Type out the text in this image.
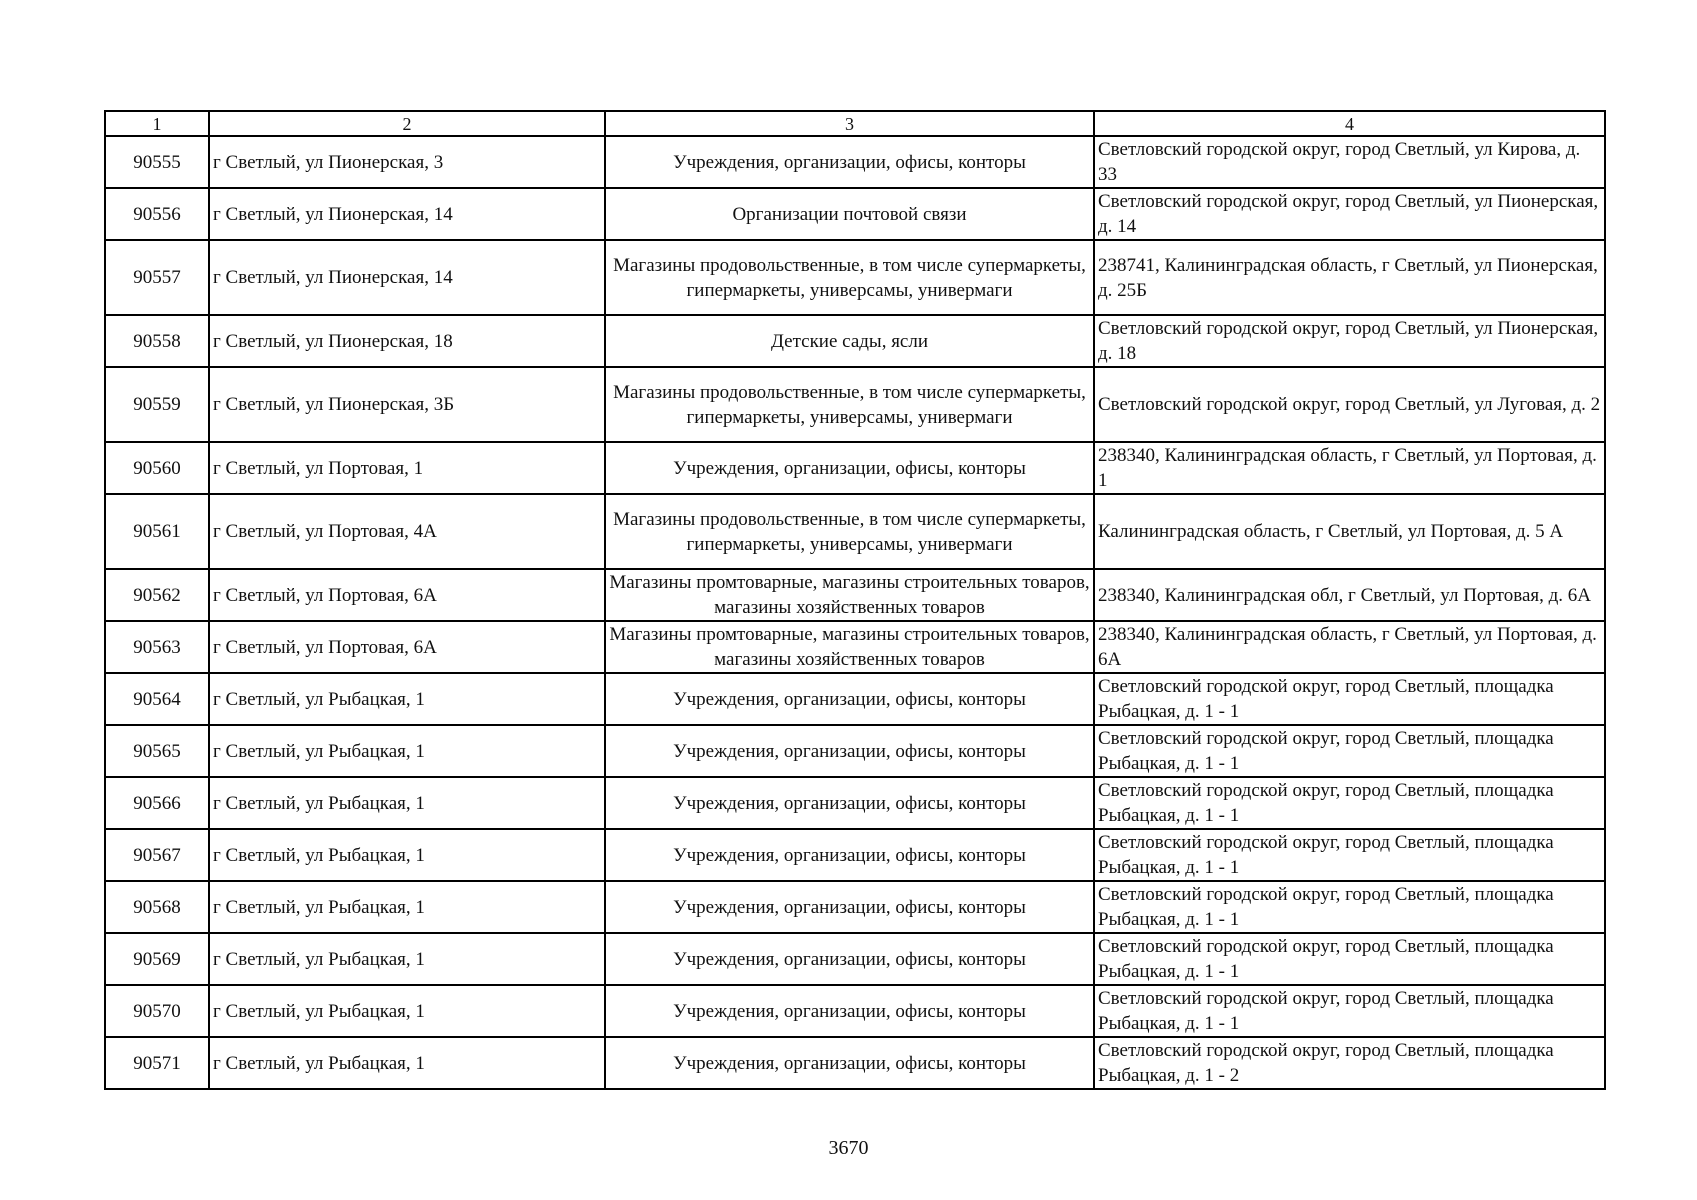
1	2	3	4
90555	г Светлый, ул Пионерская, 3	Учреждения, организации, офисы, конторы	Светловский городской округ, город Светлый, ул Кирова, д. 33
90556	г Светлый, ул Пионерская, 14	Организации почтовой связи	Светловский городской округ, город Светлый, ул Пионерская, д. 14
90557	г Светлый, ул Пионерская, 14	Магазины продовольственные, в том числе супермаркеты, гипермаркеты, универсамы, универмаги	238741, Калининградская область, г Светлый, ул Пионерская, д. 25Б
90558	г Светлый, ул Пионерская, 18	Детские сады, ясли	Светловский городской округ, город Светлый, ул Пионерская, д. 18
90559	г Светлый, ул Пионерская, 3Б	Магазины продовольственные, в том числе супермаркеты, гипермаркеты, универсамы, универмаги	Светловский городской округ, город Светлый, ул Луговая, д. 2
90560	г Светлый, ул Портовая, 1	Учреждения, организации, офисы, конторы	238340, Калининградская область, г Светлый, ул Портовая, д. 1
90561	г Светлый, ул Портовая, 4А	Магазины продовольственные, в том числе супермаркеты, гипермаркеты, универсамы, универмаги	Калининградская область, г Светлый, ул Портовая, д. 5 А
90562	г Светлый, ул Портовая, 6А	Магазины промтоварные, магазины строительных товаров, магазины хозяйственных товаров	238340, Калининградская обл, г Светлый, ул Портовая, д. 6А
90563	г Светлый, ул Портовая, 6А	Магазины промтоварные, магазины строительных товаров, магазины хозяйственных товаров	238340, Калининградская область, г Светлый, ул Портовая, д. 6А
90564	г Светлый, ул Рыбацкая, 1	Учреждения, организации, офисы, конторы	Светловский городской округ, город Светлый, площадка Рыбацкая, д. 1 - 1
90565	г Светлый, ул Рыбацкая, 1	Учреждения, организации, офисы, конторы	Светловский городской округ, город Светлый, площадка Рыбацкая, д. 1 - 1
90566	г Светлый, ул Рыбацкая, 1	Учреждения, организации, офисы, конторы	Светловский городской округ, город Светлый, площадка Рыбацкая, д. 1 - 1
90567	г Светлый, ул Рыбацкая, 1	Учреждения, организации, офисы, конторы	Светловский городской округ, город Светлый, площадка Рыбацкая, д. 1 - 1
90568	г Светлый, ул Рыбацкая, 1	Учреждения, организации, офисы, конторы	Светловский городской округ, город Светлый, площадка Рыбацкая, д. 1 - 1
90569	г Светлый, ул Рыбацкая, 1	Учреждения, организации, офисы, конторы	Светловский городской округ, город Светлый, площадка Рыбацкая, д. 1 - 1
90570	г Светлый, ул Рыбацкая, 1	Учреждения, организации, офисы, конторы	Светловский городской округ, город Светлый, площадка Рыбацкая, д. 1 - 1
90571	г Светлый, ул Рыбацкая, 1	Учреждения, организации, офисы, конторы	Светловский городской округ, город Светлый, площадка Рыбацкая, д. 1 - 2
3670
